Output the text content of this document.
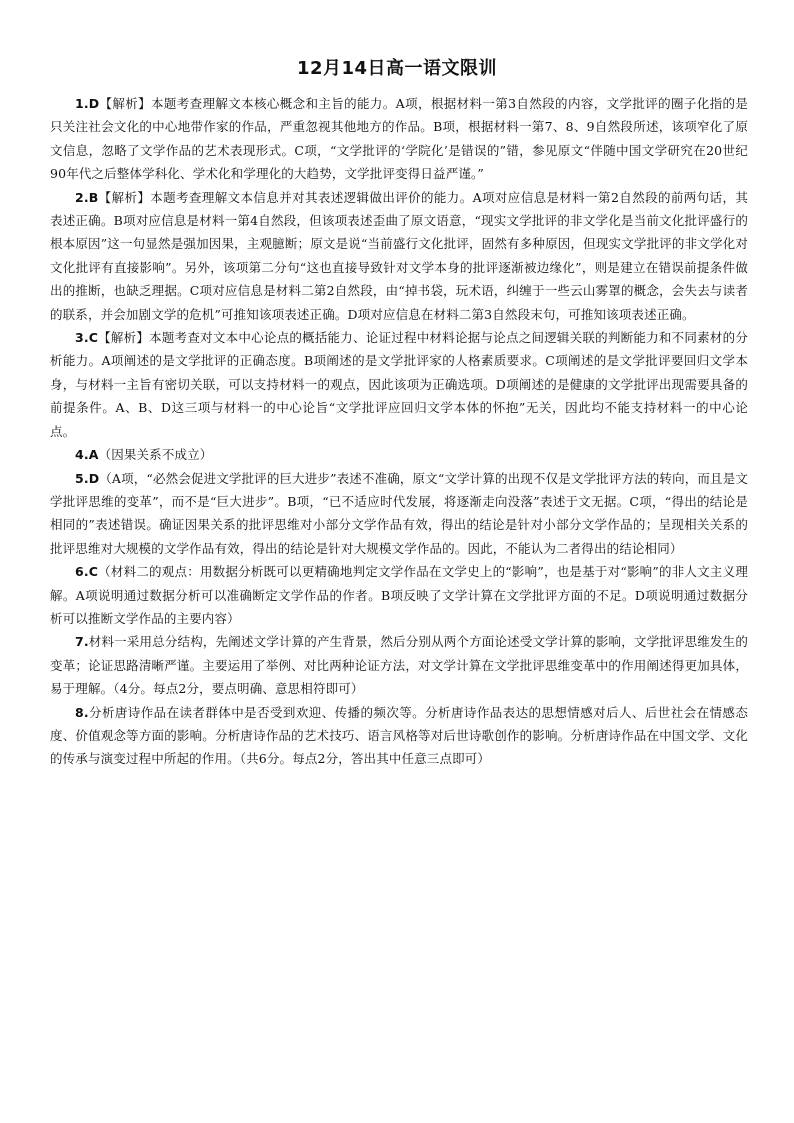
12月14日高一语文限训

1.D【解析】本题考查理解文本核心概念和主旨的能力。A项，根据材料一第3自然段的内容，文学批评的圈子化指的是只关注社会文化的中心地带作家的作品，严重忽视其他地方的作品。B项，根据材料一第7、8、9自然段所述，该项窄化了原文信息，忽略了文学作品的艺术表现形式。C项，“文学批评的‘学院化’是错误的”错，参见原文“伴随中国文学研究在20世纪90年代之后整体学科化、学术化和学理化的大趋势，文学批评变得日益严谨。”

2.B【解析】本题考查理解文本信息并对其表述逻辑做出评价的能力。A项对应信息是材料一第2自然段的前两句话，其表述正确。B项对应信息是材料一第4自然段，但该项表述歪曲了原文语意，“现实文学批评的非文学化是当前文化批评盛行的根本原因”这一句显然是强加因果，主观臆断；原文是说“当前盛行文化批评，固然有多种原因，但现实文学批评的非文学化对文化批评有直接影响”。另外，该项第二分句“这也直接导致针对文学本身的批评逐渐被边缘化”，则是建立在错误前提条件做出的推断，也缺乏理据。C项对应信息是材料二第2自然段，由“掉书袋，玩术语，纠缠于一些云山雾罩的概念，会失去与读者的联系，并会加剧文学的危机”可推知该项表述正确。D项对应信息在材料二第3自然段末句，可推知该项表述正确。

3.C【解析】本题考查对文本中心论点的概括能力、论证过程中材料论据与论点之间逻辑关联的判断能力和不同素材的分析能力。A项阐述的是文学批评的正确态度。B项阐述的是文学批评家的人格素质要求。C项阐述的是文学批评要回归文学本身，与材料一主旨有密切关联，可以支持材料一的观点，因此该项为正确选项。D项阐述的是健康的文学批评出现需要具备的前提条件。A、B、D这三项与材料一的中心论旨“文学批评应回归文学本体的怀抱”无关，因此均不能支持材料一的中心论点。

4.A（因果关系不成立）

5.D（A项，“必然会促进文学批评的巨大进步”表述不准确，原文“文学计算的出现不仅是文学批评方法的转向，而且是文学批评思维的变革”，而不是“巨大进步”。B项，“已不适应时代发展，将逐渐走向没落”表述于文无据。C项，“得出的结论是相同的”表述错误。确证因果关系的批评思维对小部分文学作品有效，得出的结论是针对小部分文学作品的；呈现相关关系的批评思维对大规模的文学作品有效，得出的结论是针对大规模文学作品的。因此，不能认为二者得出的结论相同）

6.C（材料二的观点：用数据分析既可以更精确地判定文学作品在文学史上的“影响”，也是基于对“影响”的非人文主义理解。A项说明通过数据分析可以准确断定文学作品的作者。B项反映了文学计算在文学批评方面的不足。D项说明通过数据分析可以推断文学作品的主要内容）

7.材料一采用总分结构，先阐述文学计算的产生背景，然后分别从两个方面论述受文学计算的影响，文学批评思维发生的变革；论证思路清晰严谨。主要运用了举例、对比两种论证方法，对文学计算在文学批评思维变革中的作用阐述得更加具体，易于理解。（4分。每点2分，要点明确、意思相符即可）

8.分析唐诗作品在读者群体中是否受到欢迎、传播的频次等。分析唐诗作品表达的思想情感对后人、后世社会在情感态度、价值观念等方面的影响。分析唐诗作品的艺术技巧、语言风格等对后世诗歌创作的影响。分析唐诗作品在中国文学、文化的传承与演变过程中所起的作用。（共6分。每点2分，答出其中任意三点即可）
